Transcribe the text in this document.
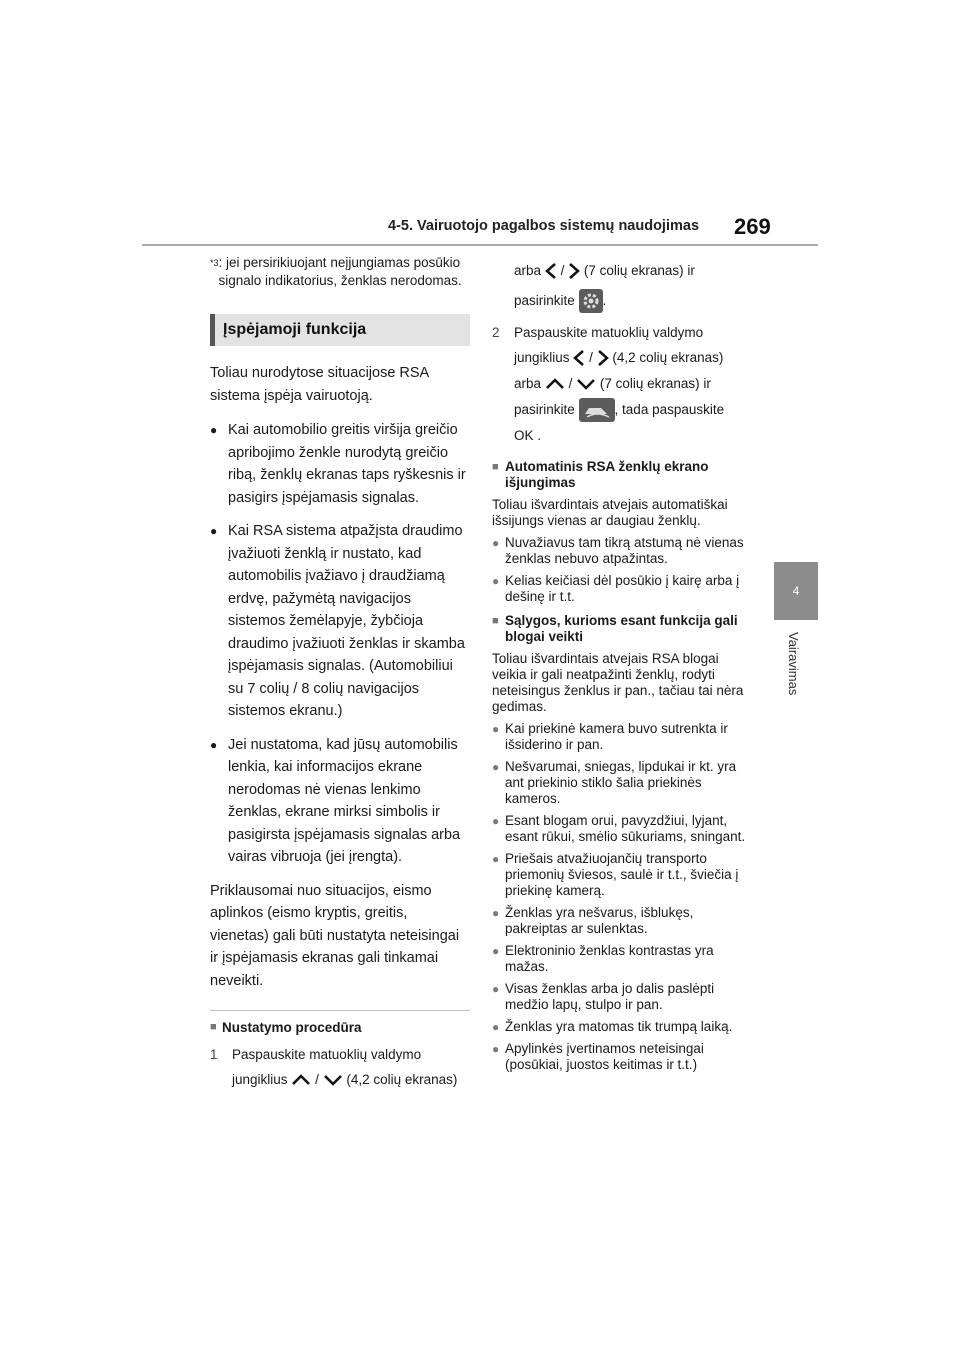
4-5. Vairuotojo pagalbos sistemų naudojimas 269
4
Vairavimas
$^{*3}$ : jei persirikiuojant neįjungiamas posūkio signalo indikatorius, ženklas nerodomas.
Įspėjamoji funkcija
Toliau nurodytose situacijose RSA sistema įspėja vairuotoją.
● Kai automobilio greitis viršija greičio apribojimo ženkle nurodytą greičio ribą, ženklų ekranas taps ryškesnis ir pasigirs įspėjamasis signalas.
● Kai RSA sistema atpažįsta draudimo įvažiuoti ženklą ir nustato, kad automobilis įvažiavo į draudžiamą erdvę, pažymėtą navigacijos sistemos žemėlapyje, žybčioja draudimo įvažiuoti ženklas ir skamba įspėjamasis signalas. (Automobiliui su 7 colių / 8 colių navigacijos sistemos ekranu.)
● Jei nustatoma, kad jūsų automobilis lenkia, kai informacijos ekrane nerodomas nė vienas lenkimo ženklas, ekrane mirksi simbolis ir pasigirsta įspėjamasis signalas arba vairas vibruoja (jei įrengta).
Priklausomai nuo situacijos, eismo aplinkos (eismo kryptis, greitis, vienetas) gali būti nustatyta neteisingai ir įspėjamasis ekranas gali tinkamai neveikti.
■ Nustatymo procedūra
1	Paspauskite matuoklių valdymo
jungiklius / (4,2 colių ekranas)
arba / (7 colių ekranas) ir
pasirinkite .
2	Paspauskite matuoklių valdymo
jungiklius / (4,2 colių ekranas)
arba / (7 colių ekranas) ir
pasirinkite	, tada paspauskite
OK .
■ Automatinis RSA ženklų ekrano išjungimas
Toliau išvardintais atvejais automatiškai išsijungs vienas ar daugiau ženklų.
● Nuvažiavus tam tikrą atstumą nė vienas ženklas nebuvo atpažintas.
● Kelias keičiasi dėl posūkio į kairę arba į dešinę ir t.t.
■ Sąlygos, kurioms esant funkcija gali blogai veikti
Toliau išvardintais atvejais RSA blogai veikia ir gali neatpažinti ženklų, rodyti neteisingus ženklus ir pan., tačiau tai nėra gedimas.
● Kai priekinė kamera buvo sutrenkta ir išsiderino ir pan.
● Nešvarumai, sniegas, lipdukai ir kt. yra ant priekinio stiklo šalia priekinės kameros.
● Esant blogam orui, pavyzdžiui, lyjant, esant rūkui, smėlio sūkuriams, sningant.
● Priešais atvažiuojančių transporto priemonių šviesos, saulė ir t.t., šviečia į priekinę kamerą.
● Ženklas yra nešvarus, išblukęs, pakreiptas ar sulenktas.
● Elektroninio ženklas kontrastas yra mažas.
● Visas ženklas arba jo dalis paslėpti medžio lapų, stulpo ir pan.
● Ženklas yra matomas tik trumpą laiką.
● Apylinkės įvertinamos neteisingai (posūkiai, juostos keitimas ir t.t.)
